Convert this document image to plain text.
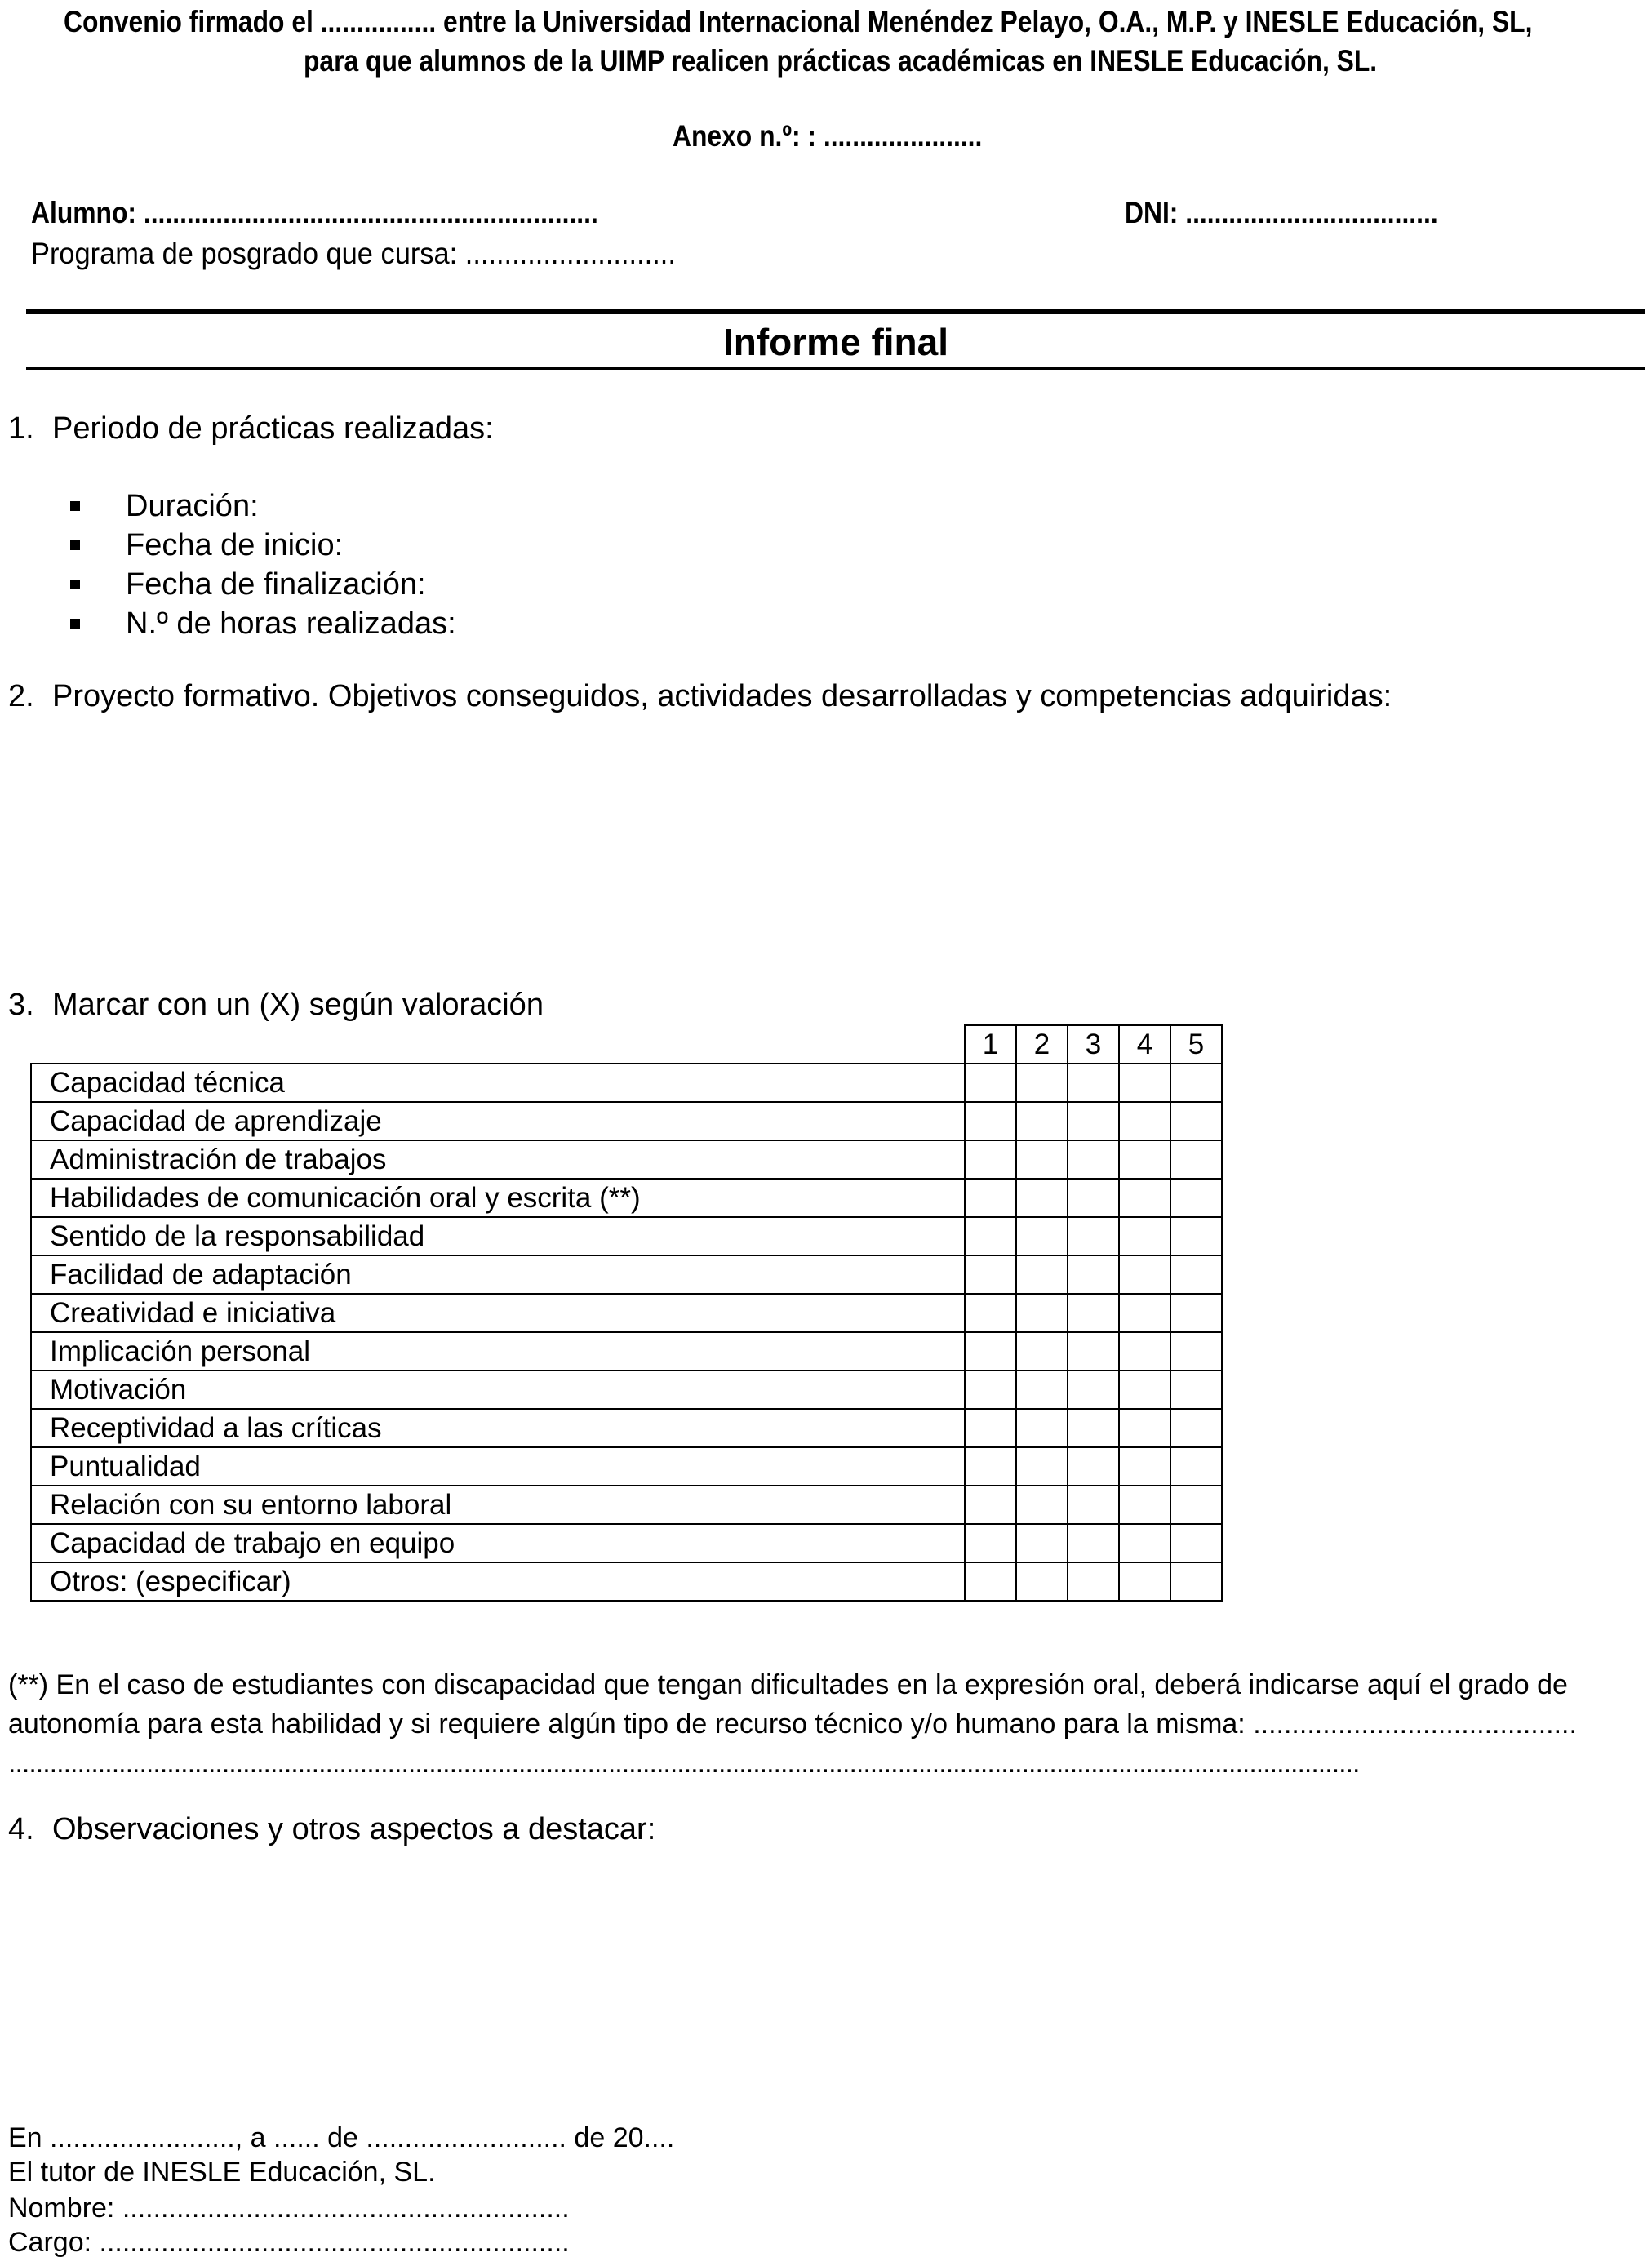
Convenio firmado el ................ entre la Universidad Internacional Menéndez Pelayo, O.A., M.P. y INESLE Educación, SL,
para que alumnos de la UIMP realicen prácticas académicas en INESLE Educación, SL.
Anexo n.º: : ......................
Alumno: ...............................................................	DNI: ...................................
Programa de posgrado que cursa: ...........................
Informe final
1. Periodo de prácticas realizadas:
Duración:
Fecha de inicio:
Fecha de finalización:
N.º de horas realizadas:
2. Proyecto formativo. Objetivos conseguidos, actividades desarrolladas y competencias adquiridas:
3. Marcar con un (X) según valoración
	1	2	3	4	5
Capacidad técnica					
Capacidad de aprendizaje					
Administración de trabajos					
Habilidades de comunicación oral y escrita (**)					
Sentido de la responsabilidad					
Facilidad de adaptación					
Creatividad e iniciativa					
Implicación personal					
Motivación					
Receptividad a las críticas					
Puntualidad					
Relación con su entorno laboral					
Capacidad de trabajo en equipo					
Otros: (especificar)					
(**) En el caso de estudiantes con discapacidad que tengan dificultades en la expresión oral, deberá indicarse aquí el grado de autonomía para esta habilidad y si requiere algún tipo de recurso técnico y/o humano para la misma: ..........................................
....................................................................................................................................................................................................
4. Observaciones y otros aspectos a destacar:
En ........................, a ...... de .......................... de 20....
El tutor de INESLE Educación, SL.
Nombre: ..........................................................
Cargo: .............................................................
